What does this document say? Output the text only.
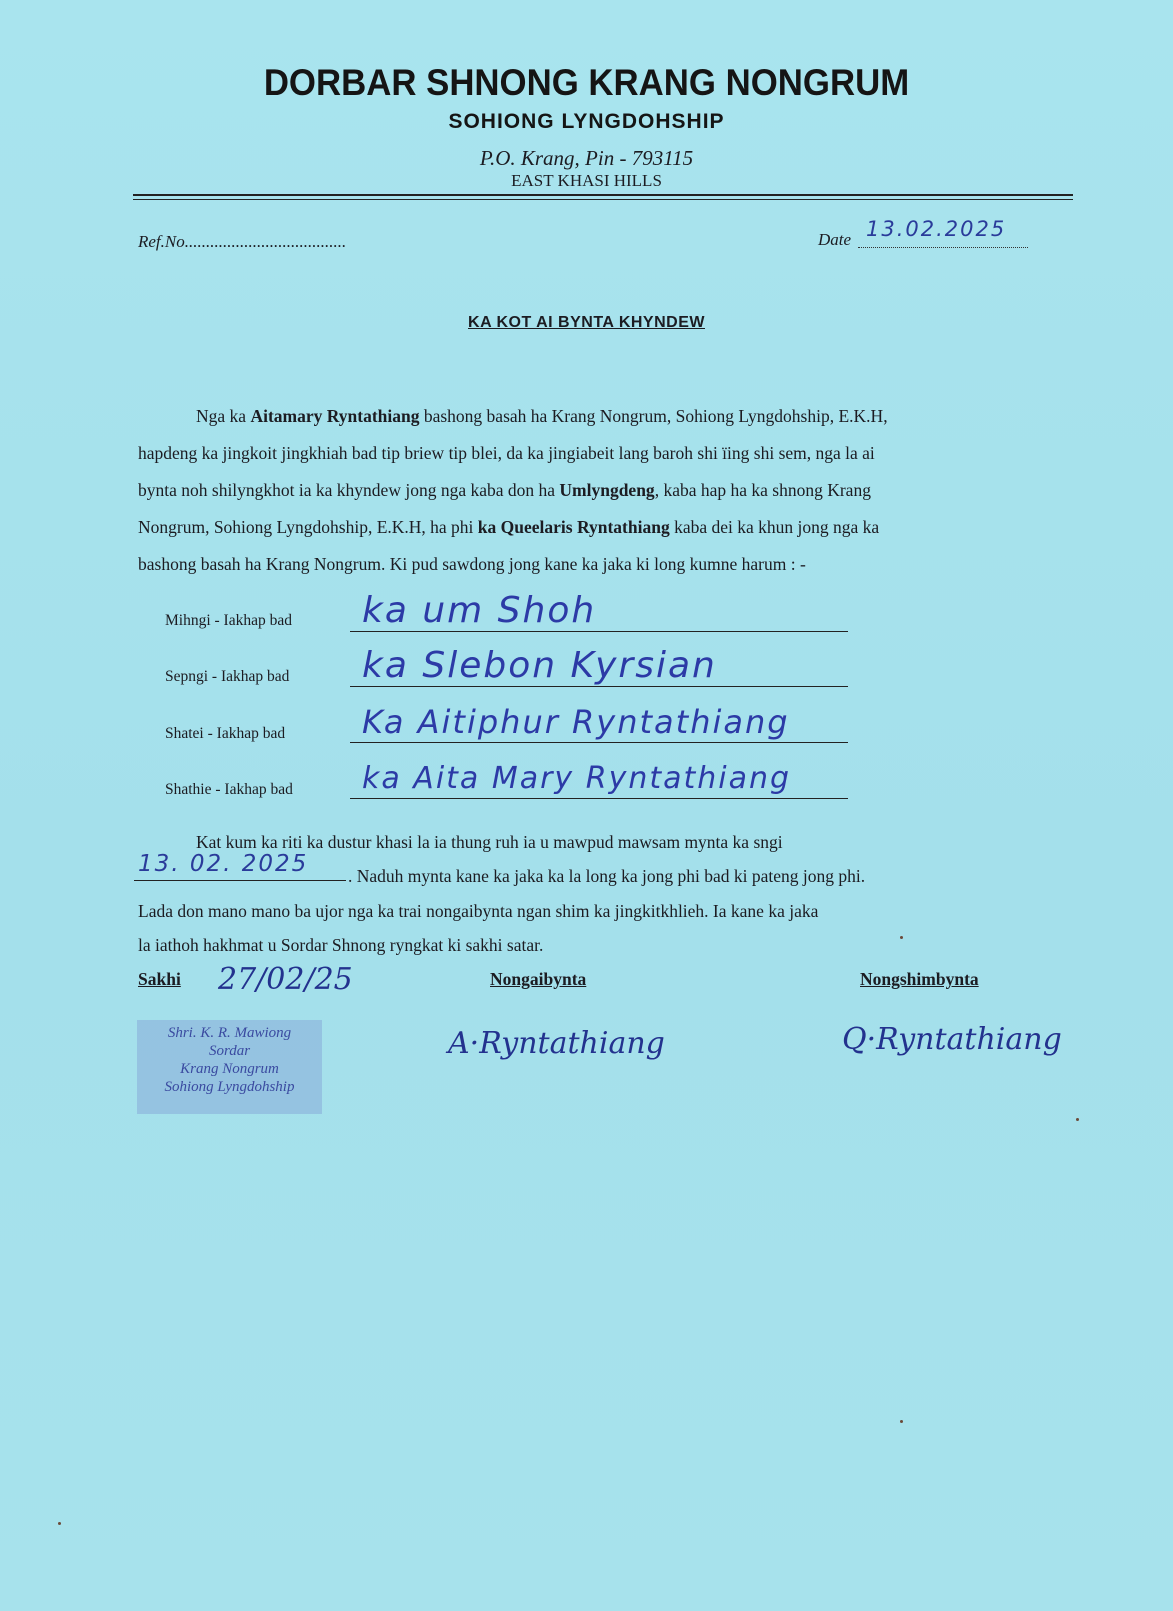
DORBAR SHNONG KRANG NONGRUM
SOHIONG LYNGDOHSHIP
P.O. Krang, Pin - 793115
EAST KHASI HILLS
Ref.No......................................	Date 13.02.2025
KA KOT AI BYNTA KHYNDEW
Nga ka Aitamary Ryntathiang bashong basah ha Krang Nongrum, Sohiong Lyngdohship, E.K.H,
hapdeng ka jingkoit jingkhiah bad tip briew tip blei, da ka jingiabeit lang baroh shi ïing shi sem, nga la ai
bynta noh shilyngkhot ia ka khyndew jong nga kaba don ha Umlyngdeng, kaba hap ha ka shnong Krang
Nongrum, Sohiong Lyngdohship, E.K.H, ha phi ka Queelaris Ryntathiang kaba dei ka khun jong nga ka
bashong basah ha Krang Nongrum. Ki pud sawdong jong kane ka jaka ki long kumne harum : -
Mihngi - Iakhap bad ka um Shoh
Sepngi - Iakhap bad ka Slebon Kyrsian
Shatei - Iakhap bad Ka Aitiphur Ryntathiang
Shathie - Iakhap bad ka Aita Mary Ryntathiang
Kat kum ka riti ka dustur khasi la ia thung ruh ia u mawpud mawsam mynta ka sngi
13. 02. 2025 . Naduh mynta kane ka jaka ka la long ka jong phi bad ki pateng jong phi.
Lada don mano mano ba ujor nga ka trai nongaibynta ngan shim ka jingkitkhlieh. Ia kane ka jaka
la iathoh hakhmat u Sordar Shnong ryngkat ki sakhi satar.
Sakhi 27/02/25	Nongaibynta
A·Ryntathiang
Nongshimbynta
Q·Ryntathiang
Shri. K. R. Mawiong
Sordar
Krang Nongrum
Sohiong Lyngdohship
